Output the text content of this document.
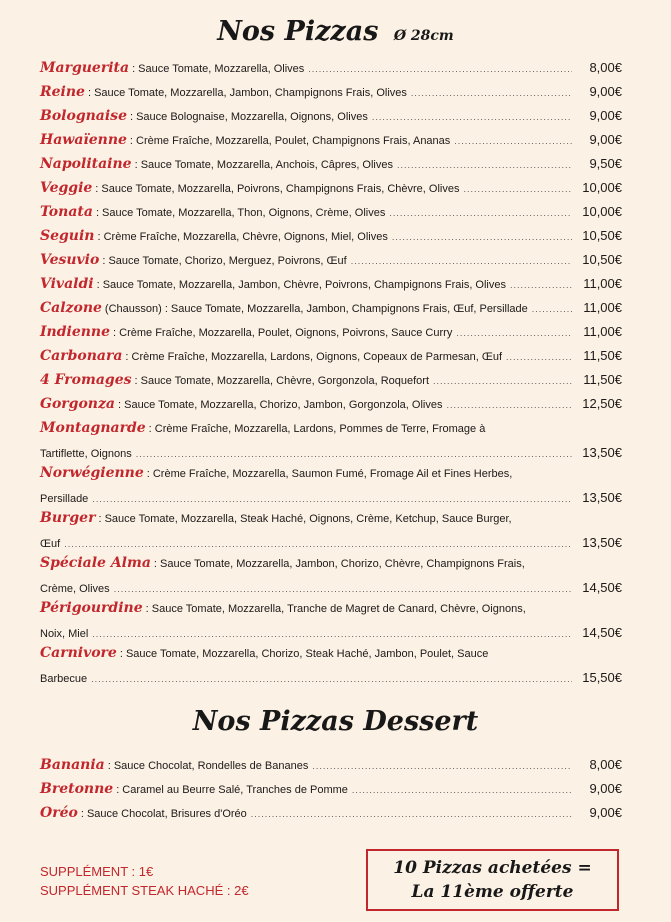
Nos Pizzas Ø 28cm
Marguerita : Sauce Tomate, Mozzarella, Olives .....	8,00€
Reine : Sauce Tomate, Mozzarella, Jambon, Champignons Frais, Olives .....	9,00€
Bolognaise : Sauce Bolognaise, Mozzarella, Oignons, Olives .....	9,00€
Hawaïenne : Crème Fraîche, Mozzarella, Poulet, Champignons Frais, Ananas .....	9,00€
Napolitaine : Sauce Tomate, Mozzarella, Anchois, Câpres, Olives .....	9,50€
Veggie : Sauce Tomate, Mozzarella, Poivrons, Champignons Frais, Chèvre, Olives .....	10,00€
Tonata : Sauce Tomate, Mozzarella, Thon, Oignons, Crème, Olives .....	10,00€
Seguin : Crème Fraîche, Mozzarella, Chèvre, Oignons, Miel, Olives .....	10,50€
Vesuvio : Sauce Tomate, Chorizo, Merguez, Poivrons, Œuf .....	10,50€
Vivaldi : Sauce Tomate, Mozzarella, Jambon, Chèvre, Poivrons, Champignons Frais, Olives .....	11,00€
Calzone (Chausson) : Sauce Tomate, Mozzarella, Jambon, Champignons Frais, Œuf, Persillade .....	11,00€
Indienne : Crème Fraîche, Mozzarella, Poulet, Oignons, Poivrons, Sauce Curry .....	11,00€
Carbonara : Crème Fraîche, Mozzarella, Lardons, Oignons, Copeaux de Parmesan, Œuf .....	11,50€
4 Fromages : Sauce Tomate, Mozzarella, Chèvre, Gorgonzola, Roquefort .....	11,50€
Gorgonza : Sauce Tomate, Mozzarella, Chorizo, Jambon, Gorgonzola, Olives .....	12,50€
Montagnarde : Crème Fraîche, Mozzarella, Lardons, Pommes de Terre, Fromage à
Tartiflette, Oignons .....	13,50€
Norwégienne : Crème Fraîche, Mozzarella, Saumon Fumé, Fromage Ail et Fines Herbes,
Persillade .....	13,50€
Burger : Sauce Tomate, Mozzarella, Steak Haché, Oignons, Crème, Ketchup, Sauce Burger,
Œuf .....	13,50€
Spéciale Alma : Sauce Tomate, Mozzarella, Jambon, Chorizo, Chèvre, Champignons Frais,
Crème, Olives .....	14,50€
Périgourdine : Sauce Tomate, Mozzarella, Tranche de Magret de Canard, Chèvre, Oignons,
Noix, Miel .....	14,50€
Carnivore : Sauce Tomate, Mozzarella, Chorizo, Steak Haché, Jambon, Poulet, Sauce
Barbecue .....	15,50€
Nos Pizzas Dessert
Banania : Sauce Chocolat, Rondelles de Bananes .....	8,00€
Bretonne : Caramel au Beurre Salé, Tranches de Pomme .....	9,00€
Oréo : Sauce Chocolat, Brisures d'Oréo .....	9,00€
SUPPLÉMENT : 1€
SUPPLÉMENT STEAK HACHÉ : 2€
10 Pizzas achetées =
La 11ème offerte
